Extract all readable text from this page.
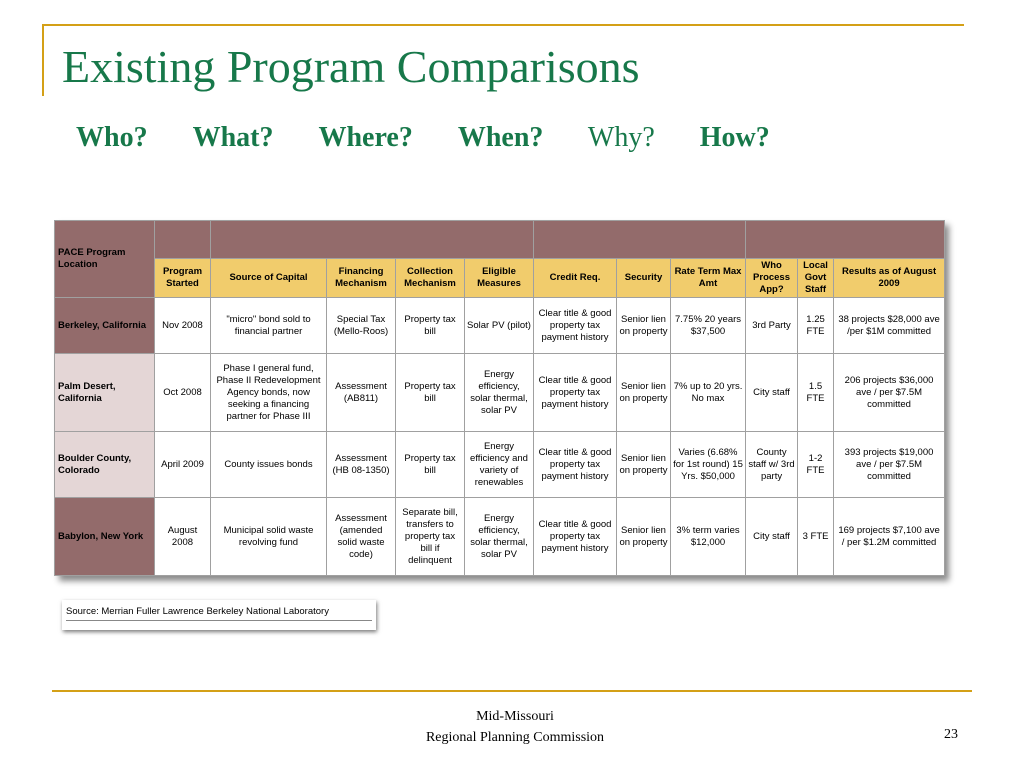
Existing Program Comparisons
Who? What? Where? When? Why? How?
PACE Program Location											
	Program Started	Source of Capital	Financing Mechanism	Collection Mechanism	Eligible Measures	Credit Req.	Security	Rate Term Max Amt	Who Process App?	Local Govt Staff	Results as of August 2009
Berkeley, California	Nov 2008	"micro" bond sold to financial partner	Special Tax (Mello-Roos)	Property tax bill	Solar PV (pilot)	Clear title & good property tax payment history	Senior lien on property	7.75% 20 years $37,500	3rd Party	1.25 FTE	38 projects $28,000 ave /per $1M committed
Palm Desert, California	Oct 2008	Phase I general fund, Phase II Redevelopment Agency bonds, now seeking a financing partner for Phase III	Assessment (AB811)	Property tax bill	Energy efficiency, solar thermal, solar PV	Clear title & good property tax payment history	Senior lien on property	7% up to 20 yrs. No max	City staff	1.5 FTE	206 projects $36,000 ave / per $7.5M committed
Boulder County, Colorado	April 2009	County issues bonds	Assessment (HB 08-1350)	Property tax bill	Energy efficiency and variety of renewables	Clear title & good property tax payment history	Senior lien on property	Varies (6.68% for 1st round) 15 Yrs. $50,000	County staff w/ 3rd party	1-2 FTE	393 projects $19,000 ave / per $7.5M committed
Babylon, New York	August 2008	Municipal solid waste revolving fund	Assessment (amended solid waste code)	Separate bill, transfers to property tax bill if delinquent	Energy efficiency, solar thermal, solar PV	Clear title & good property tax payment history	Senior lien on property	3% term varies $12,000	City staff	3 FTE	169 projects $7,100 ave / per $1.2M committed
Source: Merrian Fuller Lawrence Berkeley National Laboratory
Mid-Missouri
Regional Planning Commission	23
